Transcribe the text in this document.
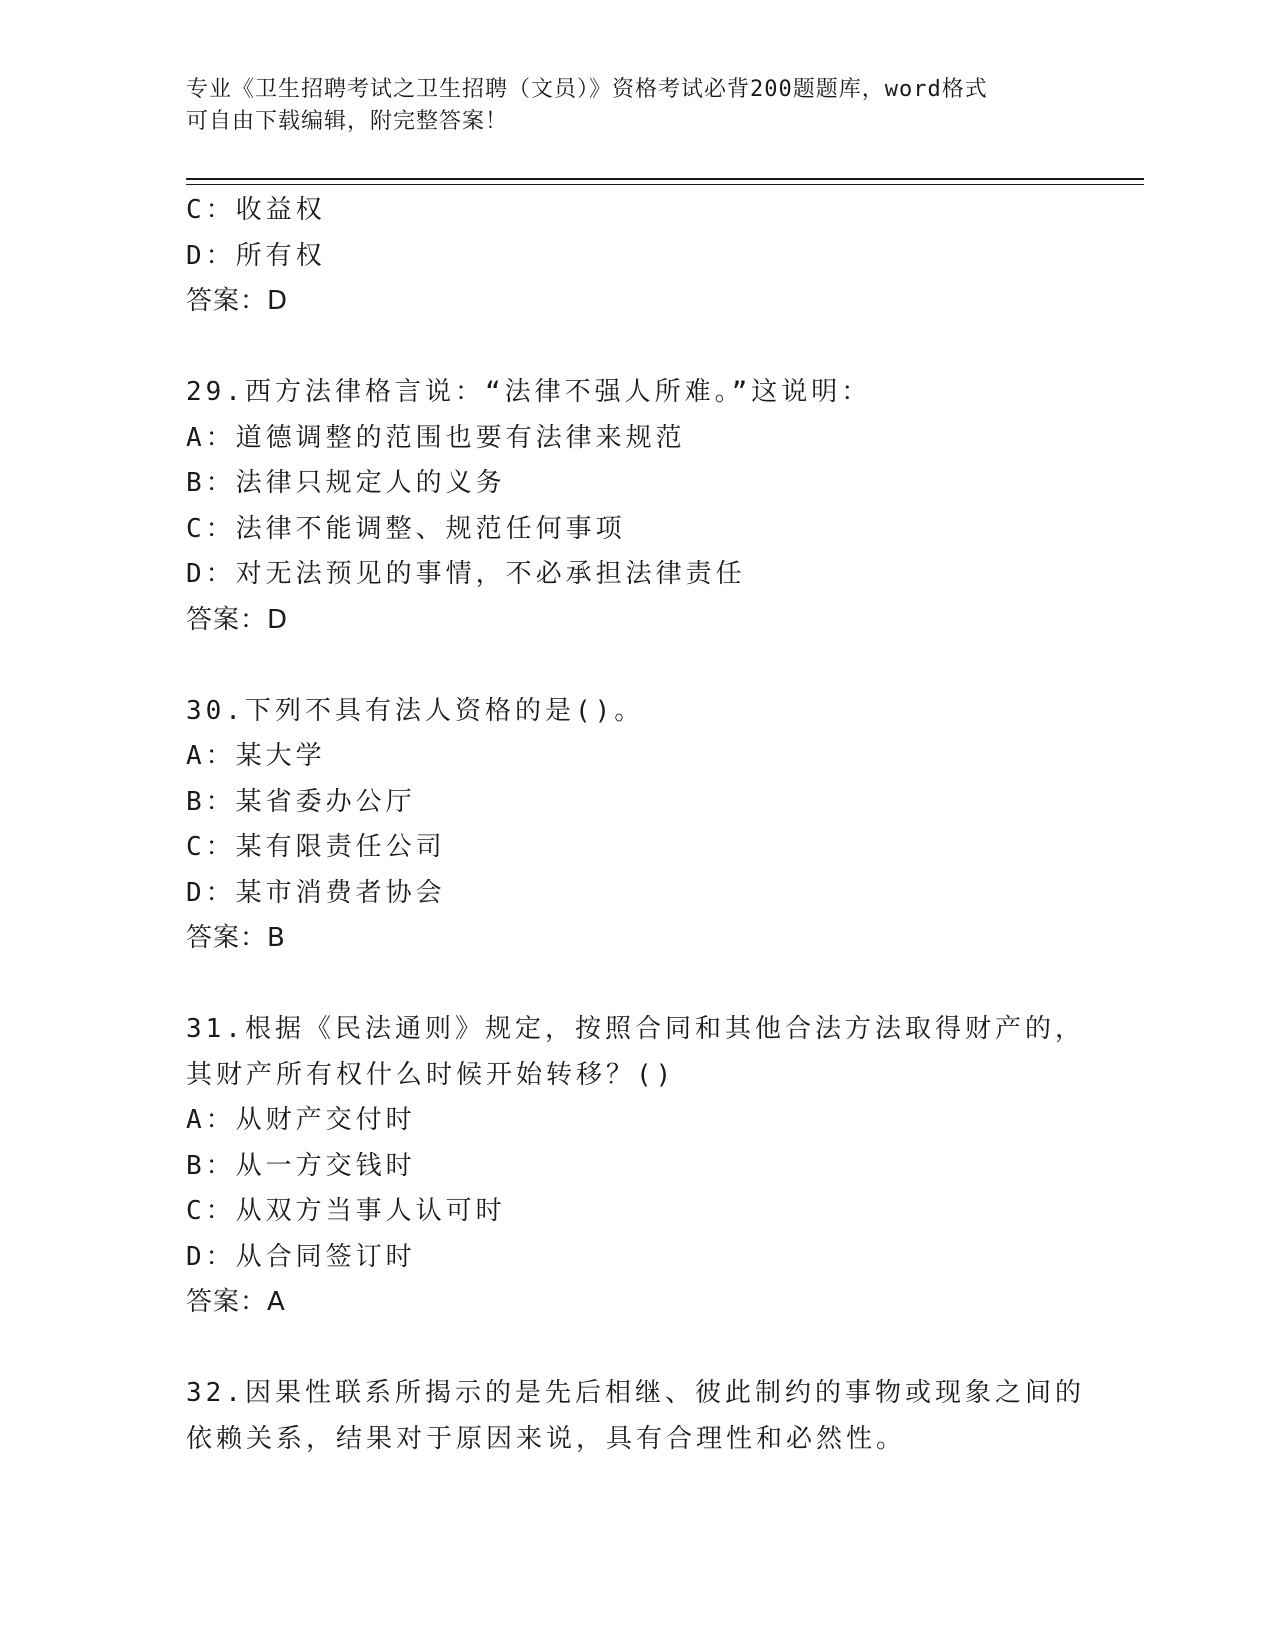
专业《卫生招聘考试之卫生招聘（文员）》资格考试必背200题题库，word格式
可自由下载编辑，附完整答案！
C：收益权
D：所有权
答案：D
29.西方法律格言说：“法律不强人所难。”这说明：
A：道德调整的范围也要有法律来规范
B：法律只规定人的义务
C：法律不能调整、规范任何事项
D：对无法预见的事情，不必承担法律责任
答案：D
30.下列不具有法人资格的是()。
A：某大学
B：某省委办公厅
C：某有限责任公司
D：某市消费者协会
答案：B
31.根据《民法通则》规定，按照合同和其他合法方法取得财产的，其财产所有权什么时候开始转移？()
A：从财产交付时
B：从一方交钱时
C：从双方当事人认可时
D：从合同签订时
答案：A
32.因果性联系所揭示的是先后相继、彼此制约的事物或现象之间的依赖关系，结果对于原因来说，具有合理性和必然性。
